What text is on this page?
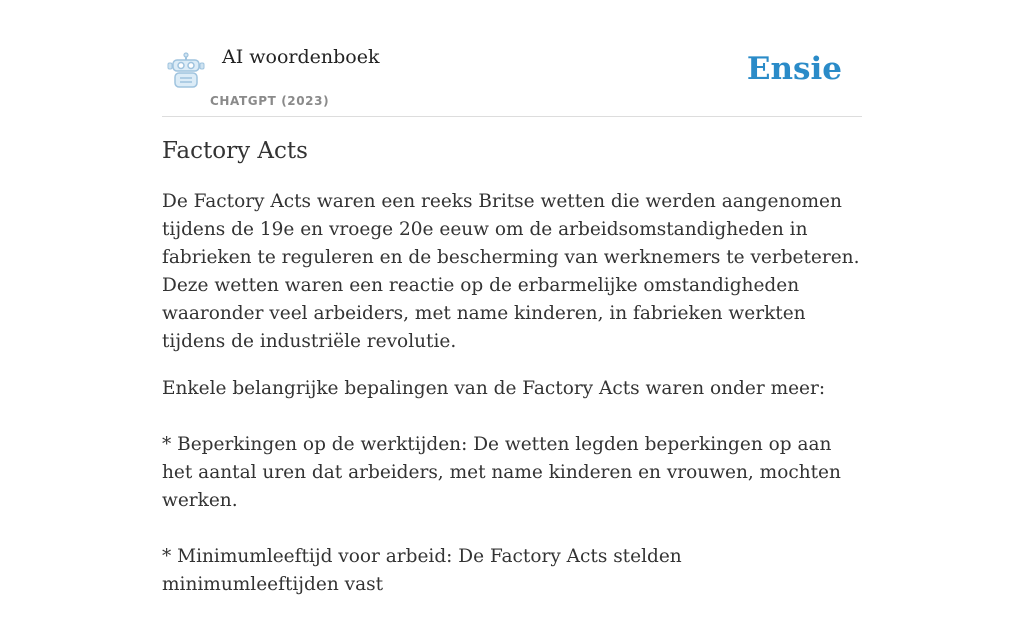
AI woordenboek
CHATGPT (2023)
Ensie
Factory Acts

De Factory Acts waren een reeks Britse wetten die werden aangenomen tijdens de 19e en vroege 20e eeuw om de arbeidsomstandigheden in fabrieken te reguleren en de bescherming van werknemers te verbeteren. Deze wetten waren een reactie op de erbarmelijke omstandigheden waaronder veel arbeiders, met name kinderen, in fabrieken werkten tijdens de industriële revolutie.

Enkele belangrijke bepalingen van de Factory Acts waren onder meer:

* Beperkingen op de werktijden: De wetten legden beperkingen op aan het aantal uren dat arbeiders, met name kinderen en vrouwen, mochten werken.

* Minimumleeftijd voor arbeid: De Factory Acts stelden minimumleeftijden vast
